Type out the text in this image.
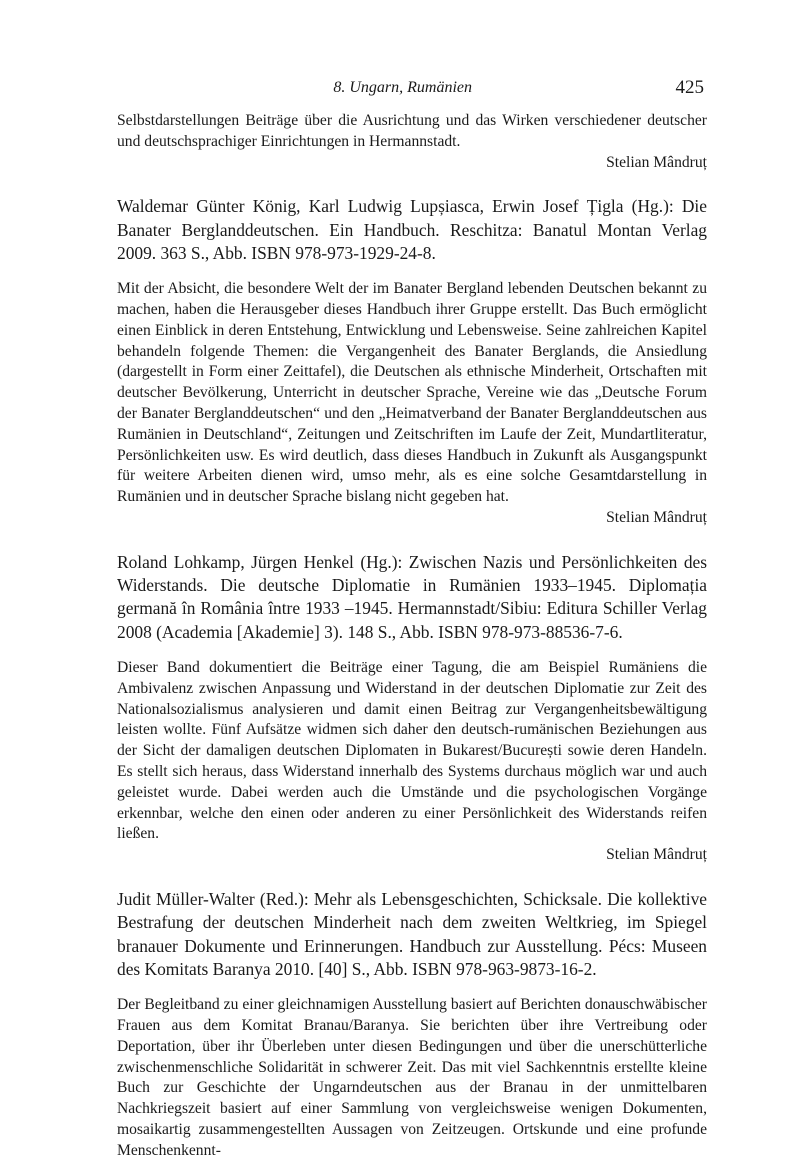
8. Ungarn, Rumänien	425

Selbstdarstellungen Beiträge über die Ausrichtung und das Wirken verschiedener deutscher und deutschsprachiger Einrichtungen in Hermannstadt.

Stelian Mândruț

Waldemar Günter König, Karl Ludwig Lupșiasca, Erwin Josef Țigla (Hg.): Die Banater Berglanddeutschen. Ein Handbuch. Reschitza: Banatul Montan Verlag 2009. 363 S., Abb. ISBN 978-973-1929-24-8.

Mit der Absicht, die besondere Welt der im Banater Bergland lebenden Deutschen bekannt zu machen, haben die Herausgeber dieses Handbuch ihrer Gruppe erstellt. Das Buch ermöglicht einen Einblick in deren Entstehung, Entwicklung und Lebensweise. Seine zahlreichen Kapitel behandeln folgende Themen: die Vergangenheit des Banater Berglands, die Ansiedlung (dargestellt in Form einer Zeittafel), die Deutschen als ethnische Minderheit, Ortschaften mit deutscher Bevölkerung, Unterricht in deutscher Sprache, Vereine wie das „Deutsche Forum der Banater Berglanddeutschen“ und den „Heimatverband der Banater Berglanddeutschen aus Rumänien in Deutschland“, Zeitungen und Zeitschriften im Laufe der Zeit, Mundartliteratur, Persönlichkeiten usw. Es wird deutlich, dass dieses Handbuch in Zukunft als Ausgangspunkt für weitere Arbeiten dienen wird, umso mehr, als es eine solche Gesamtdarstellung in Rumänien und in deutscher Sprache bislang nicht gegeben hat.

Stelian Mândruț

Roland Lohkamp, Jürgen Henkel (Hg.): Zwischen Nazis und Persönlichkeiten des Widerstands. Die deutsche Diplomatie in Rumänien 1933–1945. Diplomația germană în România între 1933 –1945. Hermannstadt/Sibiu: Editura Schiller Verlag 2008 (Academia [Akademie] 3). 148 S., Abb. ISBN 978-973-88536-7-6.

Dieser Band dokumentiert die Beiträge einer Tagung, die am Beispiel Rumäniens die Ambivalenz zwischen Anpassung und Widerstand in der deutschen Diplomatie zur Zeit des Nationalsozialismus analysieren und damit einen Beitrag zur Vergangenheitsbewältigung leisten wollte. Fünf Aufsätze widmen sich daher den deutsch-rumänischen Beziehungen aus der Sicht der damaligen deutschen Diplomaten in Bukarest/București sowie deren Handeln. Es stellt sich heraus, dass Widerstand innerhalb des Systems durchaus möglich war und auch geleistet wurde. Dabei werden auch die Umstände und die psychologischen Vorgänge erkennbar, welche den einen oder anderen zu einer Persönlichkeit des Widerstands reifen ließen.

Stelian Mândruț

Judit Müller-Walter (Red.): Mehr als Lebensgeschichten, Schicksale. Die kollektive Bestrafung der deutschen Minderheit nach dem zweiten Weltkrieg, im Spiegel branauer Dokumente und Erinnerungen. Handbuch zur Ausstellung. Pécs: Museen des Komitats Baranya 2010. [40] S., Abb. ISBN 978-963-9873-16-2.

Der Begleitband zu einer gleichnamigen Ausstellung basiert auf Berichten donauschwäbischer Frauen aus dem Komitat Branau/Baranya. Sie berichten über ihre Vertreibung oder Deportation, über ihr Überleben unter diesen Bedingungen und über die unerschütterliche zwischenmenschliche Solidarität in schwerer Zeit. Das mit viel Sachkenntnis erstellte kleine Buch zur Geschichte der Ungarndeutschen aus der Branau in der unmittelbaren Nachkriegszeit basiert auf einer Sammlung von vergleichsweise wenigen Dokumenten, mosaikartig zusammengestellten Aussagen von Zeitzeugen. Ortskunde und eine profunde Menschenkennt-
